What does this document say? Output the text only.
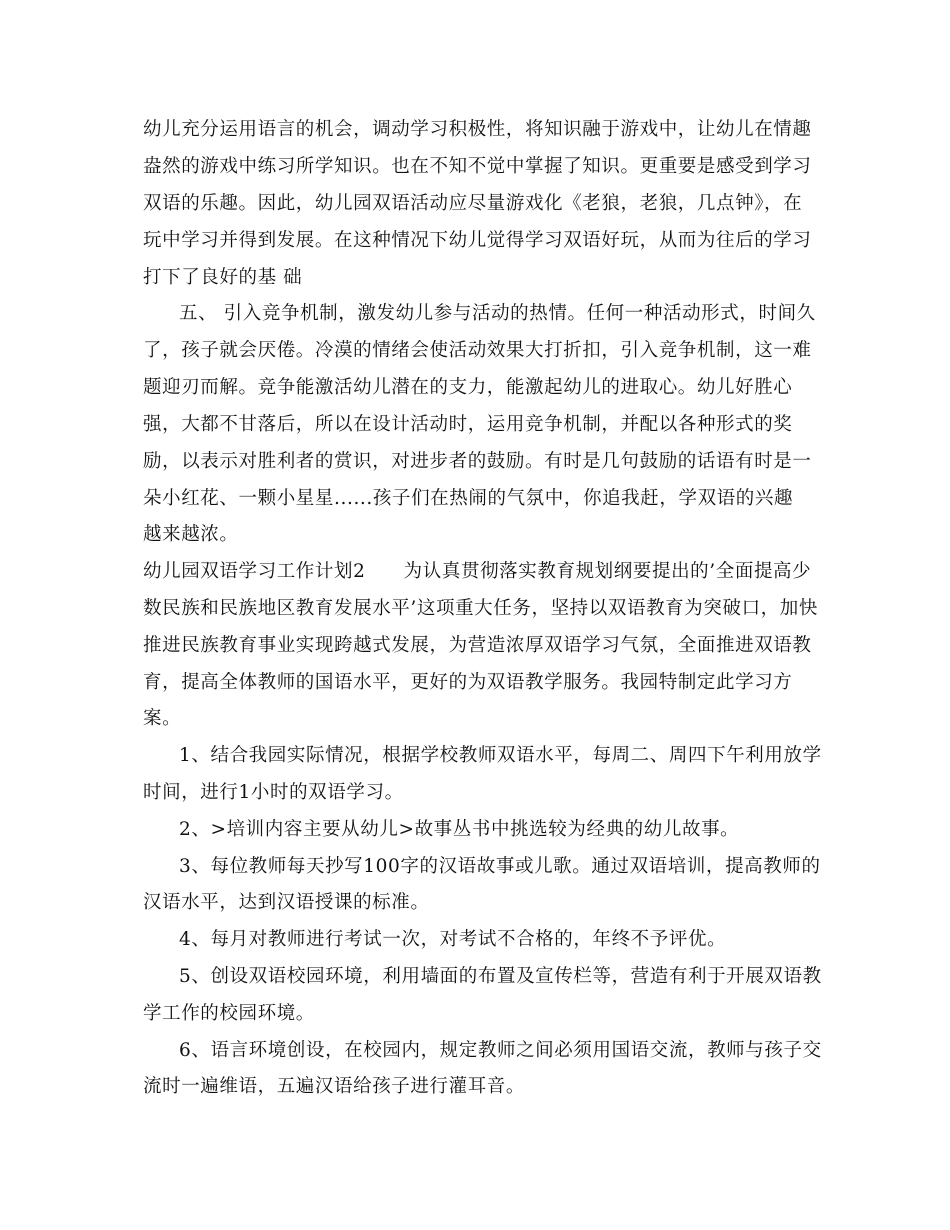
幼儿充分运用语言的机会，调动学习积极性，将知识融于游戏中，让幼儿在情趣
盎然的游戏中练习所学知识。也在不知不觉中掌握了知识。更重要是感受到学习
双语的乐趣。因此，幼儿园双语活动应尽量游戏化《老狼，老狼，几点钟》，在
玩中学习并得到发展。在这种情况下幼儿觉得学习双语好玩，从而为往后的学习
打下了良好的基 础
五、 引入竞争机制，激发幼儿参与活动的热情。任何一种活动形式，时间久
了，孩子就会厌倦。冷漠的情绪会使活动效果大打折扣，引入竞争机制，这一难
题迎刃而解。竞争能激活幼儿潜在的支力，能激起幼儿的进取心。幼儿好胜心
强，大都不甘落后，所以在设计活动时，运用竞争机制，并配以各种形式的奖
励，以表示对胜利者的赏识，对进步者的鼓励。有时是几句鼓励的话语有时是一
朵小红花、一颗小星星......孩子们在热闹的气氛中，你追我赶，学双语的兴趣
越来越浓。
幼儿园双语学习工作计划2　　为认真贯彻落实教育规划纲要提出的’全面提高少
数民族和民族地区教育发展水平’这项重大任务，坚持以双语教育为突破口，加快
推进民族教育事业实现跨越式发展，为营造浓厚双语学习气氛，全面推进双语教
育，提高全体教师的国语水平，更好的为双语教学服务。我园特制定此学习方
案。
1、结合我园实际情况，根据学校教师双语水平，每周二、周四下午利用放学
时间，进行1小时的双语学习。
2、>培训内容主要从幼儿>故事丛书中挑选较为经典的幼儿故事。
3、每位教师每天抄写100字的汉语故事或儿歌。通过双语培训，提高教师的
汉语水平，达到汉语授课的标准。
4、每月对教师进行考试一次，对考试不合格的，年终不予评优。
5、创设双语校园环境，利用墙面的布置及宣传栏等，营造有利于开展双语教
学工作的校园环境。
6、语言环境创设，在校园内，规定教师之间必须用国语交流，教师与孩子交
流时一遍维语，五遍汉语给孩子进行灌耳音。
